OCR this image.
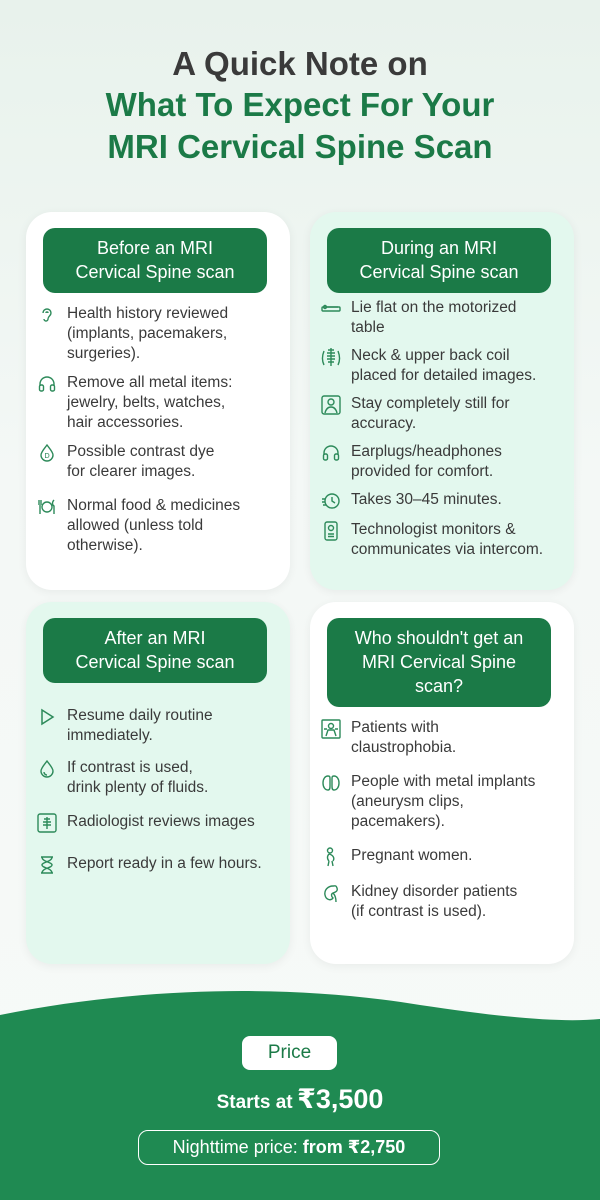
A Quick Note on
What To Expect For Your
MRI Cervical Spine Scan
Before an MRI
Cervical Spine scan
Health history reviewed
(implants, pacemakers,
surgeries).
Remove all metal items:
jewelry, belts, watches,
hair accessories.
D Possible contrast dye
for clearer images.
Normal food & medicines
allowed (unless told
otherwise).
During an MRI
Cervical Spine scan
Lie flat on the motorized
table
Neck & upper back coil
placed for detailed images.
Stay completely still for
accuracy.
Earplugs/headphones
provided for comfort.
Takes 30–45 minutes.
Technologist monitors &
communicates via intercom.
After an MRI
Cervical Spine scan
Resume daily routine
immediately.
If contrast is used,
drink plenty of fluids.
Radiologist reviews images
Report ready in a few hours.
Who shouldn't get an
MRI Cervical Spine
scan?
Patients with
claustrophobia.
People with metal implants
(aneurysm clips,
pacemakers).
Pregnant women.
Kidney disorder patients
(if contrast is used).
Price
Starts at ₹3,500
Nighttime price: from ₹2,750
